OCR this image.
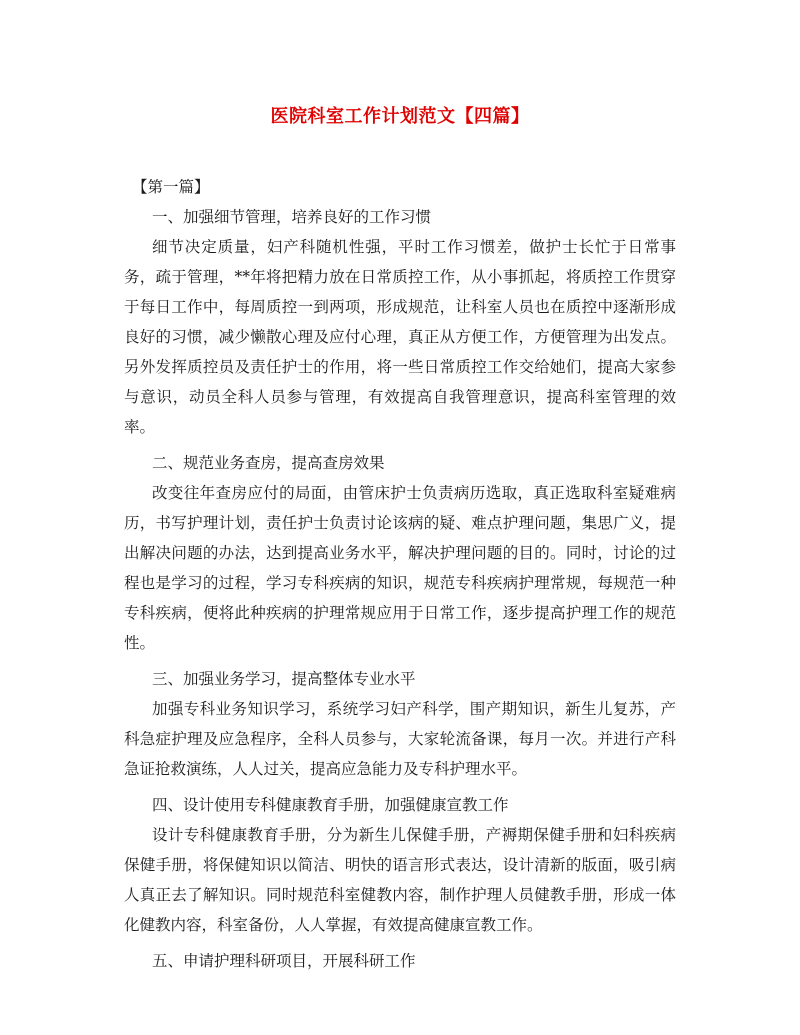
医院科室工作计划范文【四篇】
【第一篇】
一、加强细节管理，培养良好的工作习惯
细节决定质量，妇产科随机性强，平时工作习惯差，做护士长忙于日常事务，疏于管理，**年将把精力放在日常质控工作，从小事抓起，将质控工作贯穿于每日工作中，每周质控一到两项，形成规范，让科室人员也在质控中逐渐形成良好的习惯，减少懒散心理及应付心理，真正从方便工作，方便管理为出发点。另外发挥质控员及责任护士的作用，将一些日常质控工作交给她们，提高大家参与意识，动员全科人员参与管理，有效提高自我管理意识，提高科室管理的效率。
二、规范业务查房，提高查房效果
改变往年查房应付的局面，由管床护士负责病历选取，真正选取科室疑难病历，书写护理计划，责任护士负责讨论该病的疑、难点护理问题，集思广义，提出解决问题的办法，达到提高业务水平，解决护理问题的目的。同时，讨论的过程也是学习的过程，学习专科疾病的知识，规范专科疾病护理常规，每规范一种专科疾病，便将此种疾病的护理常规应用于日常工作，逐步提高护理工作的规范性。
三、加强业务学习，提高整体专业水平
加强专科业务知识学习，系统学习妇产科学，围产期知识，新生儿复苏，产科急症护理及应急程序，全科人员参与，大家轮流备课，每月一次。并进行产科急证抢救演练，人人过关，提高应急能力及专科护理水平。
四、设计使用专科健康教育手册，加强健康宣教工作
设计专科健康教育手册，分为新生儿保健手册，产褥期保健手册和妇科疾病保健手册，将保健知识以简洁、明快的语言形式表达，设计清新的版面，吸引病人真正去了解知识。同时规范科室健教内容，制作护理人员健教手册，形成一体化健教内容，科室备份，人人掌握，有效提高健康宣教工作。
五、申请护理科研项目，开展科研工作
